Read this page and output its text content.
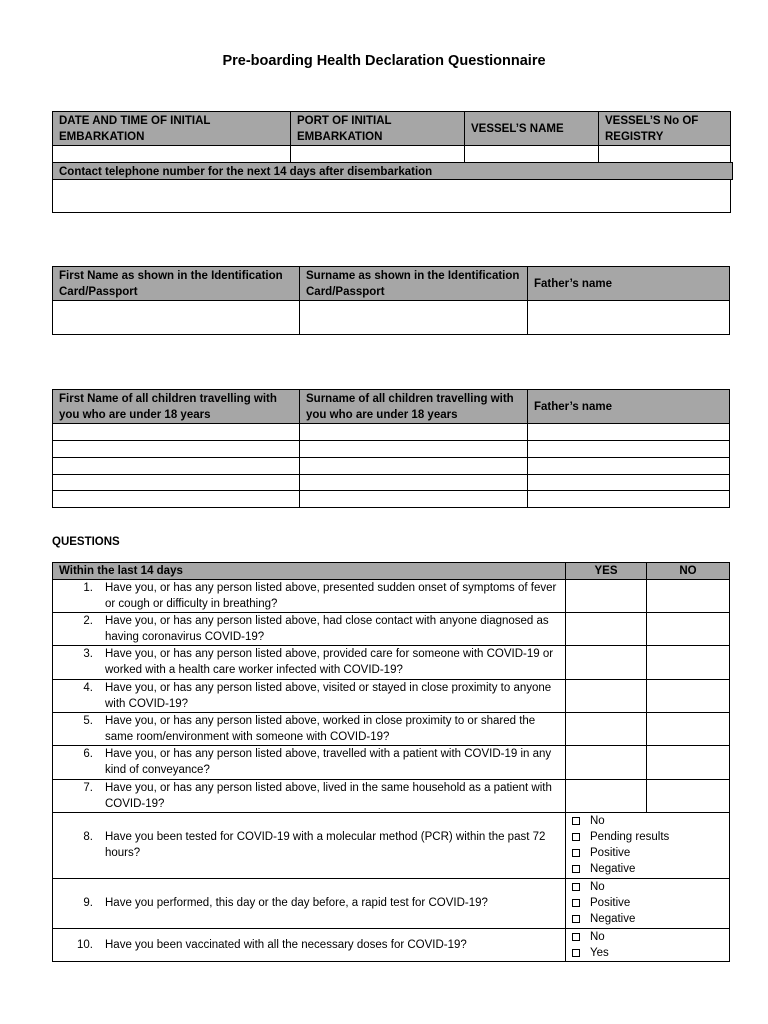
Pre-boarding Health Declaration Questionnaire
DATE AND TIME OF INITIAL EMBARKATION
PORT OF INITIAL EMBARKATION
VESSEL’S NAME
VESSEL’S No OF REGISTRY
Contact telephone number for the next 14 days after disembarkation
First Name as shown in the Identification Card/Passport
Surname as shown in the Identification Card/Passport
Father’s name
First Name of all children travelling with you who are under 18 years
Surname of all children travelling with you who are under 18 years
Father’s name
QUESTIONS
Within the last 14 days	YES	NO
1. Have you, or has any person listed above, presented sudden onset of symptoms of fever or cough or difficulty in breathing?
2. Have you, or has any person listed above, had close contact with anyone diagnosed as having coronavirus COVID-19?
3. Have you, or has any person listed above, provided care for someone with COVID-19 or worked with a health care worker infected with COVID-19?
4. Have you, or has any person listed above, visited or stayed in close proximity to anyone with COVID-19?
5. Have you, or has any person listed above, worked in close proximity to or shared the same room/environment with someone with COVID-19?
6. Have you, or has any person listed above, travelled with a patient with COVID-19 in any kind of conveyance?
7. Have you, or has any person listed above, lived in the same household as a patient with COVID-19?
8. Have you been tested for COVID-19 with a molecular method (PCR) within the past 72 hours?
No
Pending results
Positive
Negative
9. Have you performed, this day or the day before, a rapid test for COVID-19?
No
Positive
Negative
10. Have you been vaccinated with all the necessary doses for COVID-19?
No
Yes
